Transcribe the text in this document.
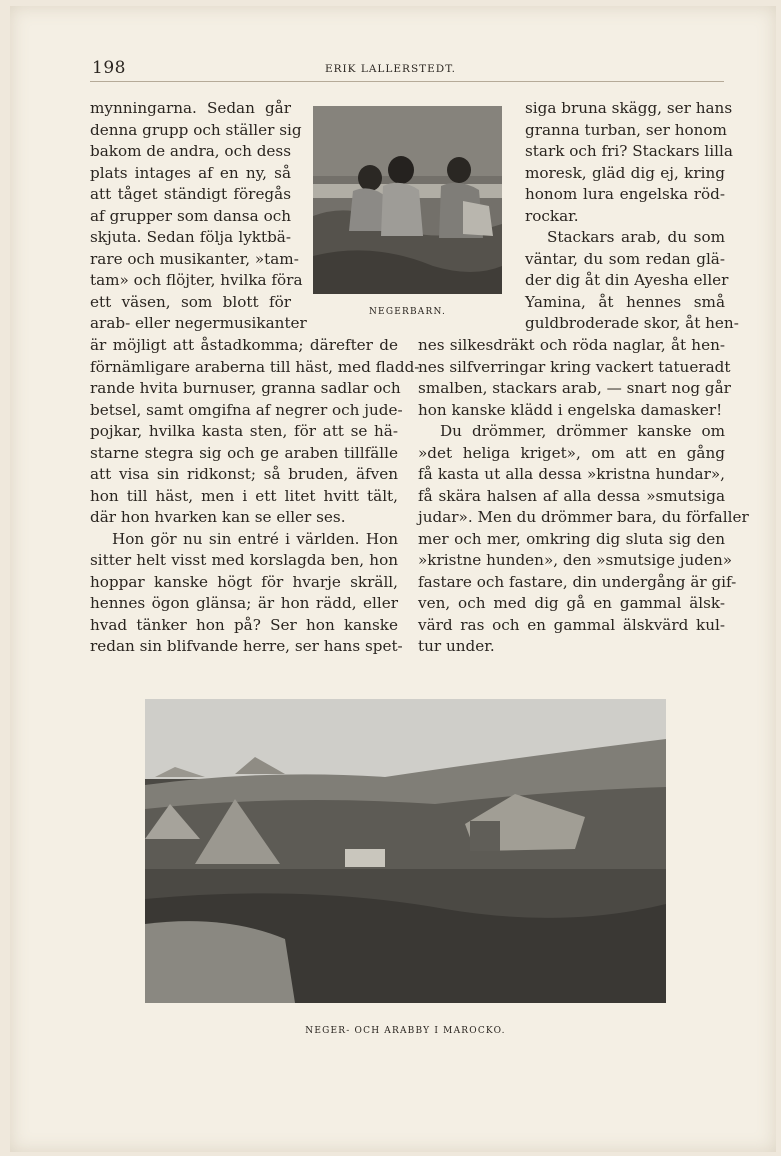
198	ERIK LALLERSTEDT.
NEGERBARN.
mynningarna. Sedan går
denna grupp och ställer sig
bakom de andra, och dess
plats intages af en ny, så
att tåget ständigt föregås
af grupper som dansa och
skjuta. Sedan följa lyktbä-
rare och musikanter, »tam-
tam» och flöjter, hvilka föra
ett väsen, som blott för
arab- eller negermusikanter
är möjligt att åstadkomma; därefter de
förnämligare araberna till häst, med fladd-
rande hvita burnuser, granna sadlar och
betsel, samt omgifna af negrer och jude-
pojkar, hvilka kasta sten, för att se hä-
starne stegra sig och ge araben tillfälle
att visa sin ridkonst; så bruden, äfven
hon till häst, men i ett litet hvitt tält,
där hon hvarken kan se eller ses.
Hon gör nu sin entré i världen. Hon
sitter helt visst med korslagda ben, hon
hoppar kanske högt för hvarje skräll,
hennes ögon glänsa; är hon rädd, eller
hvad tänker hon på? Ser hon kanske
redan sin blifvande herre, ser hans spet-
siga bruna skägg, ser hans
granna turban, ser honom
stark och fri? Stackars lilla
moresk, gläd dig ej, kring
honom lura engelska röd-
rockar.
Stackars arab, du som
väntar, du som redan glä-
der dig åt din Ayesha eller
Yamina, åt hennes små
guldbroderade skor, åt hen-
nes silkesdräkt och röda naglar, åt hen-
nes silfverringar kring vackert tatueradt
smalben, stackars arab, — snart nog går
hon kanske klädd i engelska damasker!
Du drömmer, drömmer kanske om
»det heliga kriget», om att en gång
få kasta ut alla dessa »kristna hundar»,
få skära halsen af alla dessa »smutsiga
judar». Men du drömmer bara, du förfaller
mer och mer, omkring dig sluta sig den
»kristne hunden», den »smutsige juden»
fastare och fastare, din undergång är gif-
ven, och med dig gå en gammal älsk-
värd ras och en gammal älskvärd kul-
tur under.
NEGER- OCH ARABBY I MAROCKO.
